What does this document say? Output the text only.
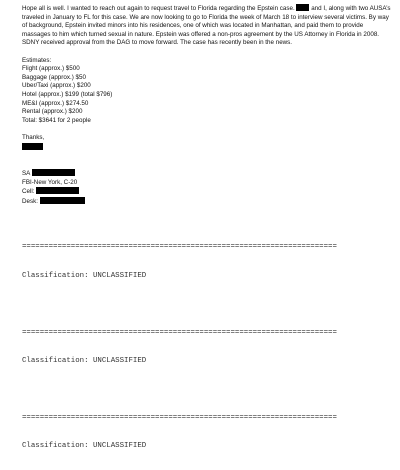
Hope all is well. I wanted to reach out again to request travel to Florida regarding the Epstein case.  and I, along with two AUSA’s traveled in January to FL for this case. We are now looking to go to Florida the week of March 18 to interview several victims. By way of background, Epstein invited minors into his residences, one of which was located in Manhattan, and paid them to provide massages to him which turned sexual in nature. Epstein was offered a non-pros agreement by the US Attorney in Florida in 2008. SDNY received approval from the DAG to move forward. The case has recently been in the news.

Estimates:
Flight (approx.) $500
Baggage (approx.) $50
Uber/Taxi (approx.) $200
Hotel (approx.) $199 (total $796)
ME&I (approx.) $274.50
Rental (approx.) $200
Total: $3641 for 2 people
Thanks,
SA
FBI-New York, C-20
Cell:
Desk:

=======================================================================

Classification: UNCLASSIFIED

=======================================================================

Classification: UNCLASSIFIED

=======================================================================

Classification: UNCLASSIFIED
